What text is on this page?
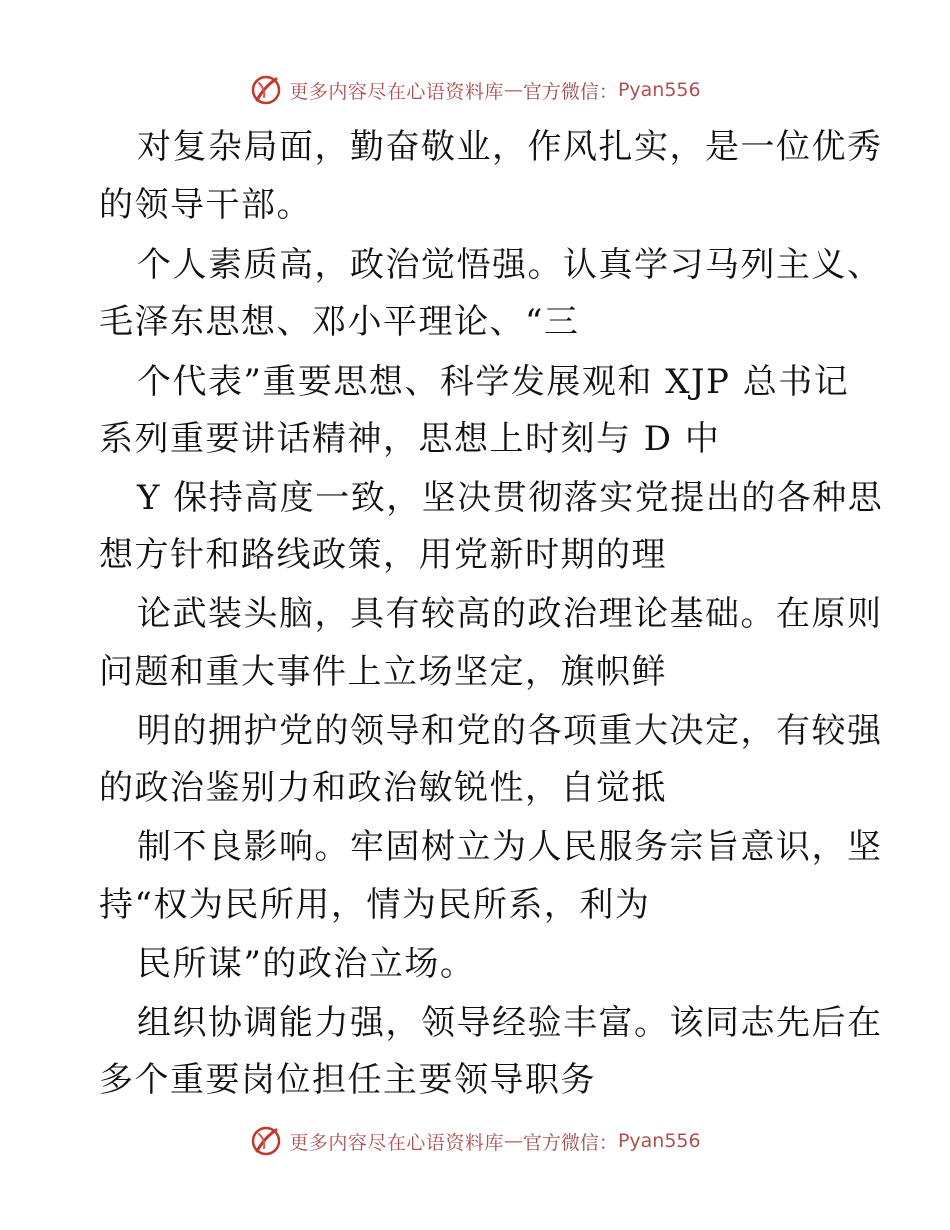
更多内容尽在心语资料库 — 官方微信： Pyan556
对复杂局面，勤奋敬业，作风扎实，是一位优秀
的领导干部。
个人素质高，政治觉悟强。认真学习马列主义、
毛泽东思想、邓小平理论、“三
个代表”重要思想、科学发展观和 XJP 总书记
系列重要讲话精神，思想上时刻与 D 中
Y 保持高度一致，坚决贯彻落实党提出的各种思
想方针和路线政策，用党新时期的理
论武装头脑，具有较高的政治理论基础。在原则
问题和重大事件上立场坚定，旗帜鲜
明的拥护党的领导和党的各项重大决定，有较强
的政治鉴别力和政治敏锐性，自觉抵
制不良影响。牢固树立为人民服务宗旨意识，坚
持“权为民所用，情为民所系，利为
民所谋”的政治立场。
组织协调能力强，领导经验丰富。该同志先后在
多个重要岗位担任主要领导职务
更多内容尽在心语资料库 — 官方微信： Pyan556
